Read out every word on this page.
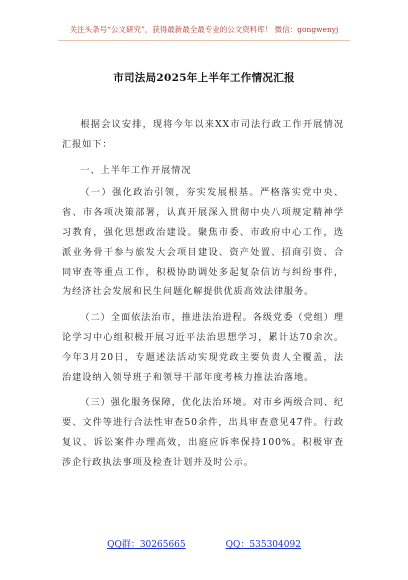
关注头条号“公文研究”，获得最新最全最专业的公文资料库！ 微信：gongwenyj
市司法局2025年上半年工作情况汇报

根据会议安排，现将今年以来XX市司法行政工作开展情况汇报如下：

一、上半年工作开展情况

（一）强化政治引领，夯实发展根基。严格落实党中央、省、市各项决策部署，认真开展深入贯彻中央八项规定精神学习教育，强化思想政治建设。聚焦市委、市政府中心工作，选派业务骨干参与旅发大会项目建设、资产处置、招商引资、合同审查等重点工作，积极协助调处多起复杂信访与纠纷事件，为经济社会发展和民生问题化解提供优质高效法律服务。

（二）全面依法治市，推进法治进程。各级党委（党组）理论学习中心组积极开展习近平法治思想学习，累计达70余次。今年3月20日，专题述法活动实现党政主要负责人全覆盖，法治建设纳入领导班子和领导干部年度考核力推法治落地。

（三）强化服务保障，优化法治环境。对市乡两级合同、纪要、文件等进行合法性审查50余件，出具审查意见47件。行政复议、诉讼案件办理高效，出庭应诉率保持100%。积极审查涉企行政执法事项及检查计划并及时公示。

QQ群：30265665	QQ：535304092
